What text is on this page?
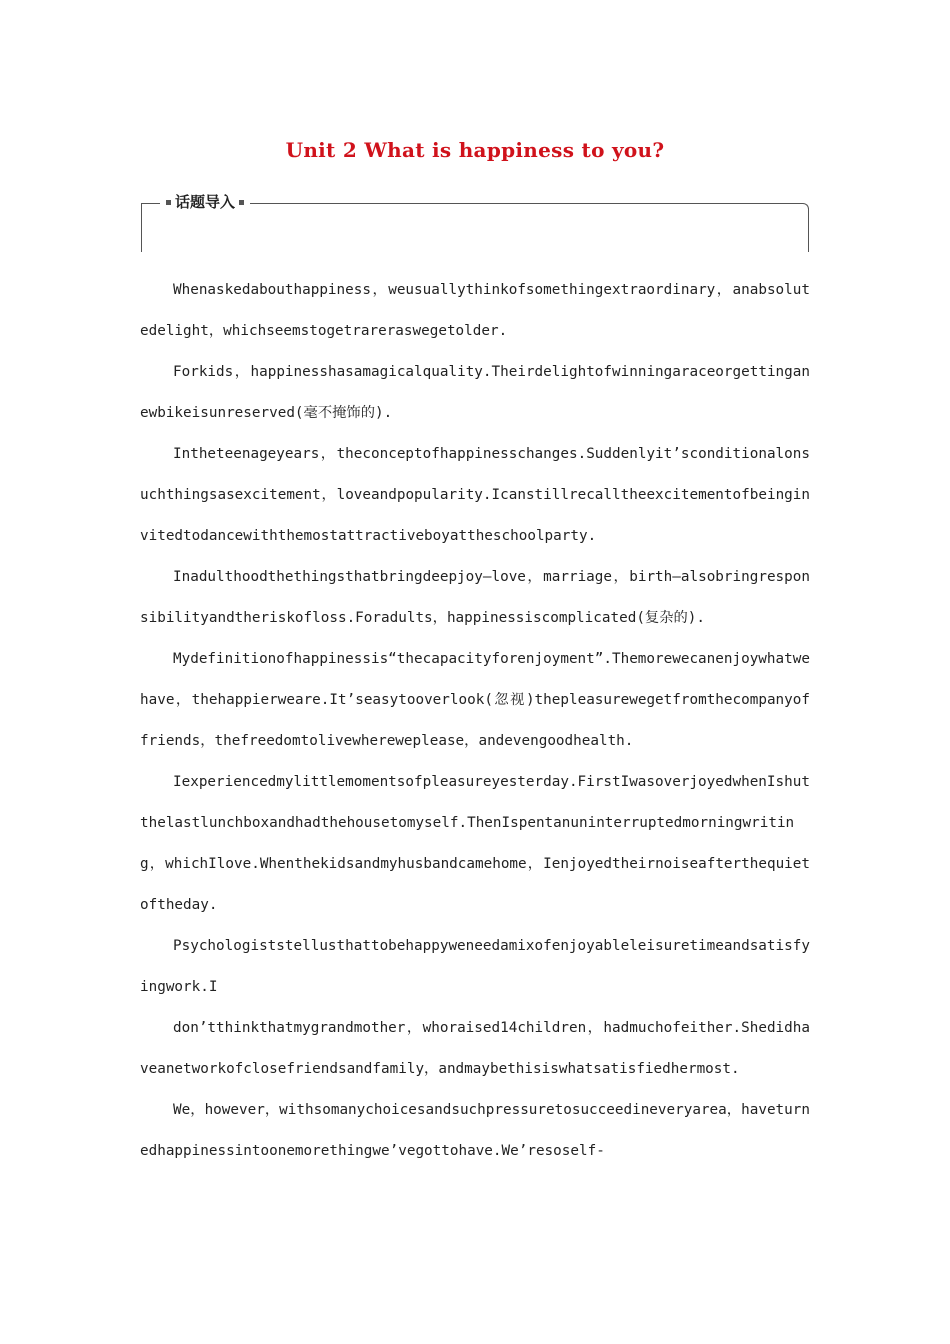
Unit 2 What is happiness to you?
话题导入

Whenaskedabouthappiness，weusuallythinkofsomethingextraordinary，anabsolutedelight，whichseemstogetrareraswegetolder.

Forkids，happinesshasamagicalquality.Theirdelightofwinningaraceorgettinganewbikeisunreserved(毫不掩饰的).

Intheteenageyears，theconceptofhappinesschanges.Suddenlyit’sconditionalonsuchthingsasexcitement，loveandpopularity.Icanstillrecalltheexcitementofbeinginvitedtodancewiththemostattractiveboyattheschoolparty.

Inadulthoodthethingsthatbringdeepjoy—love，marriage，birth—alsobringresponsibilityandtheriskofloss.Foradults，happinessiscomplicated(复杂的).

Mydefinitionofhappinessis“thecapacityforenjoyment”.Themorewecanenjoywhatwehave，thehappierweare.It’seasytooverlook(忽视)thepleasurewegetfromthecompanyoffriends，thefreedomtolivewhereweplease，andevengoodhealth.

Iexperiencedmylittlemomentsofpleasureyesterday.FirstIwasoverjoyedwhenIshutthelastlunchboxandhadthehousetomyself.ThenIspentanuninterruptedmorningwriting，whichIlove.Whenthekidsandmyhusbandcamehome，Ienjoyedtheirnoiseafterthequietoftheday.

Psychologiststellusthattobehappyweneedamixofenjoyableleisuretimeandsatisfyingwork.I

don’tthinkthatmygrandmother，whoraised14children，hadmuchofeither.Shedidhaveanetworkofclosefriendsandfamily，andmaybethisiswhatsatisfiedhermost.

We，however，withsomanychoicesandsuchpressuretosucceedineveryarea，haveturnedhappinessintoonemorethingwe’vegottohave.We’resoself-
